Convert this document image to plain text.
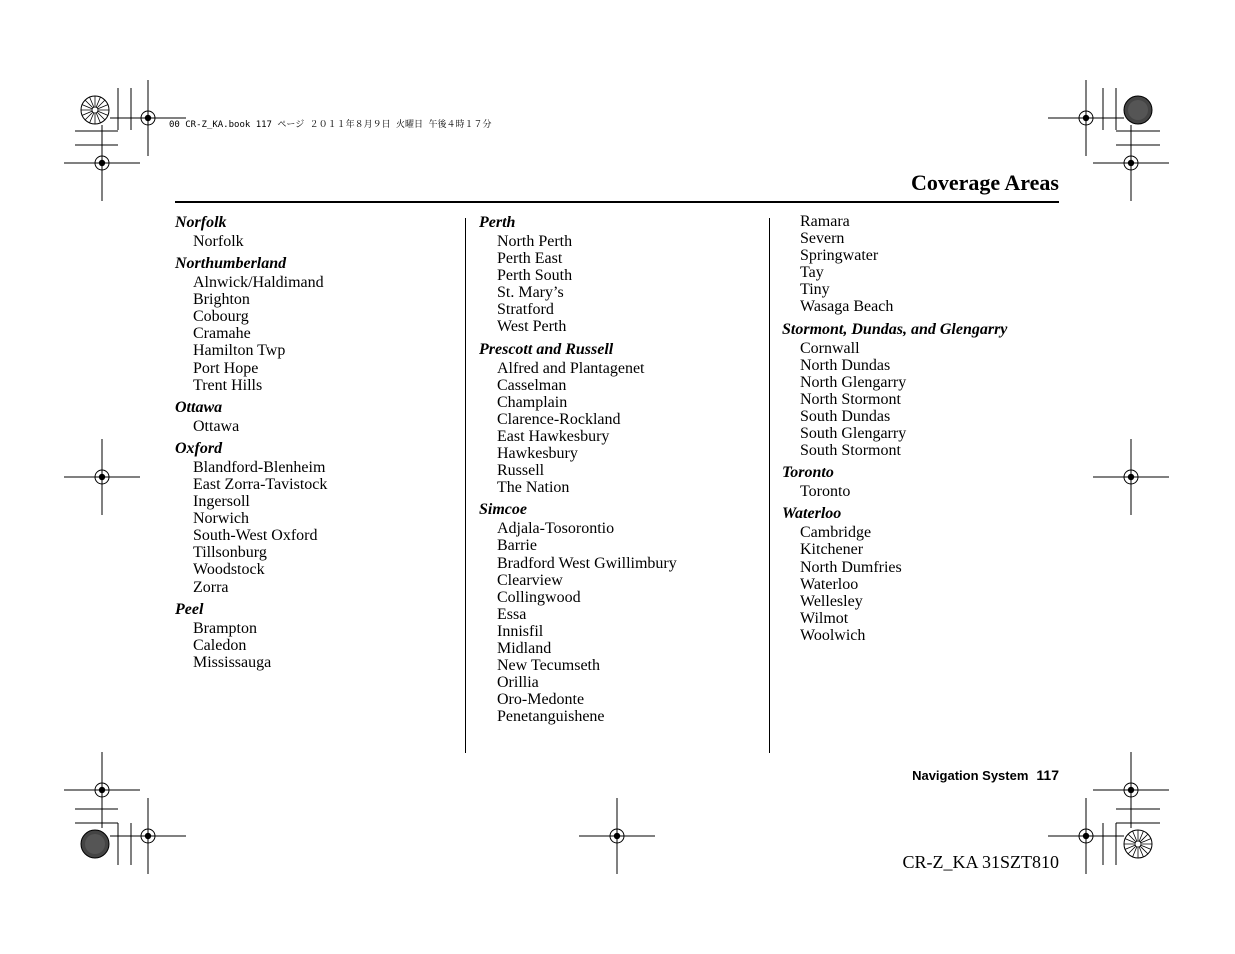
00 CR-Z_KA.book 117 ページ ２０１１年８月９日 火曜日 午後４時１７分
Coverage Areas
Norfolk
Norfolk
Northumberland
Alnwick/Haldimand
Brighton
Cobourg
Cramahe
Hamilton Twp
Port Hope
Trent Hills
Ottawa
Ottawa
Oxford
Blandford-Blenheim
East Zorra-Tavistock
Ingersoll
Norwich
South-West Oxford
Tillsonburg
Woodstock
Zorra
Peel
Brampton
Caledon
Mississauga
Perth
North Perth
Perth East
Perth South
St. Mary’s
Stratford
West Perth
Prescott and Russell
Alfred and Plantagenet
Casselman
Champlain
Clarence-Rockland
East Hawkesbury
Hawkesbury
Russell
The Nation
Simcoe
Adjala-Tosorontio
Barrie
Bradford West Gwillimbury
Clearview
Collingwood
Essa
Innisfil
Midland
New Tecumseth
Orillia
Oro-Medonte
Penetanguishene
Ramara
Severn
Springwater
Tay
Tiny
Wasaga Beach
Stormont, Dundas, and Glengarry
Cornwall
North Dundas
North Glengarry
North Stormont
South Dundas
South Glengarry
South Stormont
Toronto
Toronto
Waterloo
Cambridge
Kitchener
North Dumfries
Waterloo
Wellesley
Wilmot
Woolwich
Navigation System 117
CR-Z_KA 31SZT810
